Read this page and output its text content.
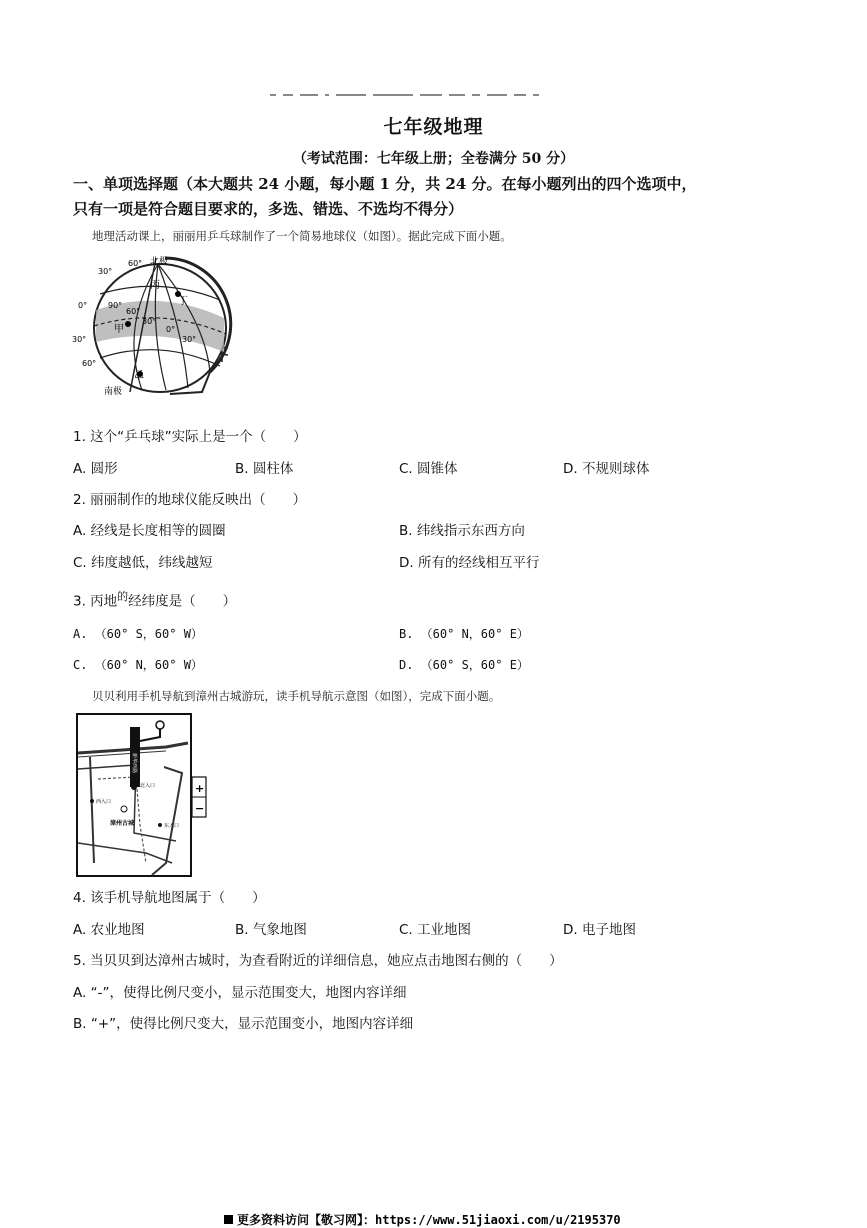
七年级地理
（考试范围：七年级上册；全卷满分 50 分）
一、单项选择题（本大题共 24 小题，每小题 1 分，共 24 分。在每小题列出的四个选项中，
只有一项是符合题目要求的，多选、错选、不选均不得分）
地理活动课上，丽丽用乒乓球制作了一个简易地球仪（如图）。据此完成下面小题。
北极
南极
60°
30°
0°
30°
60°
90°
60°
30°
0°
30°
甲
乙
丙
丁
1. 这个“乒乓球”实际上是一个（　　）
A. 圆形	B. 圆柱体	C. 圆锥体	D. 不规则球体
2. 丽丽制作的地球仪能反映出（　　）
A. 经线是长度相等的圆圈	B. 纬线指示东西方向
C. 纬度越低，纬线越短	D. 所有的经线相互平行
3. 丙地$^的$经纬度是（　　）
A. （60° S，60° W）	B. （60° N，60° E）
C. （60° N，60° W）	D. （60° S，60° E）
贝贝利用手机导航到漳州古城游玩，读手机导航示意图（如图），完成下面小题。
新华西路
北入口
西入口
东入口
漳州古城
+
−
4. 该手机导航地图属于（　　）
A. 农业地图	B. 气象地图	C. 工业地图	D. 电子地图
5. 当贝贝到达漳州古城时，为查看附近的详细信息，她应点击地图右侧的（　　）
A. “-”，使得比例尺变小，显示范围变大，地图内容详细
B. “+”，使得比例尺变大，显示范围变小，地图内容详细
更多资料访问【敬习网】：https://www.51jiaoxi.com/u/2195370
